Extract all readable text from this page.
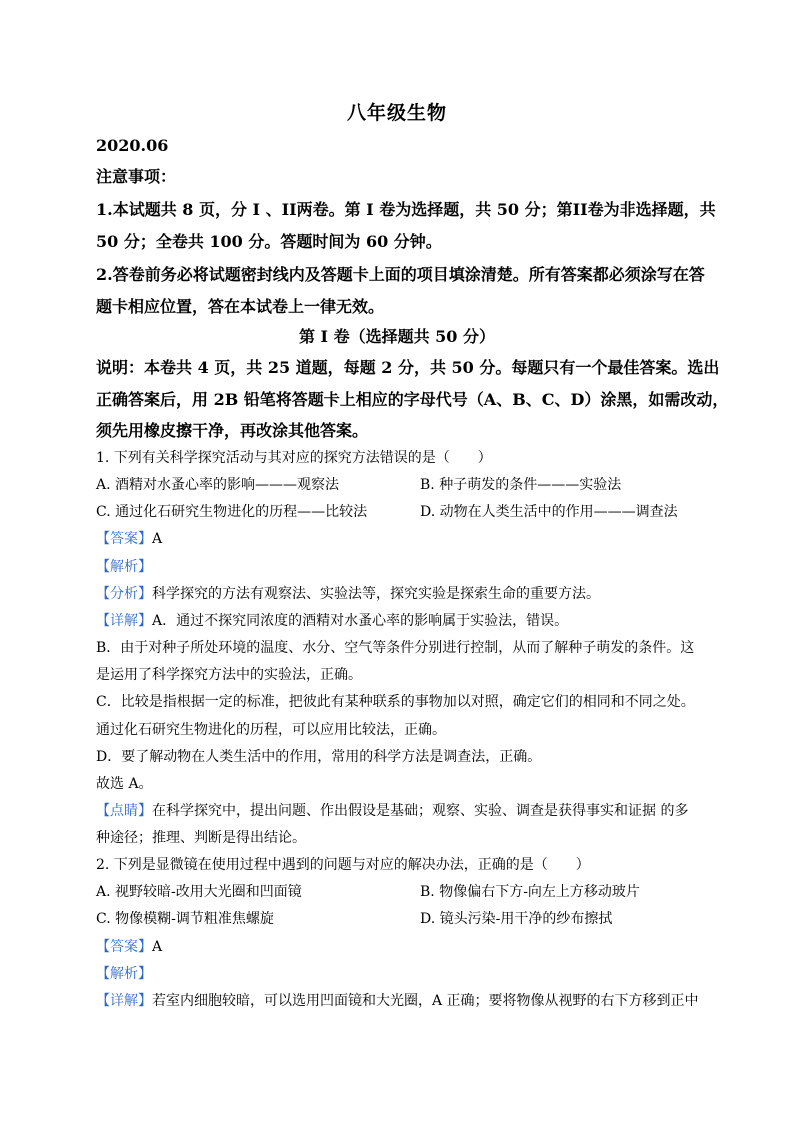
八年级生物
2020.06
注意事项：
1.本试题共 8 页，分 I 、II两卷。第 I 卷为选择题，共 50 分；第II卷为非选择题，共
50 分；全卷共 100 分。答题时间为 60 分钟。
2.答卷前务必将试题密封线内及答题卡上面的项目填涂清楚。所有答案都必须涂写在答
题卡相应位置，答在本试卷上一律无效。
第 I 卷（选择题共 50 分）
说明：本卷共 4 页，共 25 道题，每题 2 分，共 50 分。每题只有一个最佳答案。选出
正确答案后，用 2B 铅笔将答题卡上相应的字母代号（A、B、C、D）涂黑，如需改动，
须先用橡皮擦干净，再改涂其他答案。
1. 下列有关科学探究活动与其对应的探究方法错误的是（　　）
A. 酒精对水蚤心率的影响———观察法	B. 种子萌发的条件———实验法
C. 通过化石研究生物进化的历程——比较法	D. 动物在人类生活中的作用———调查法
【答案】A
【解析】
【分析】科学探究的方法有观察法、实验法等，探究实验是探索生命的重要方法。
【详解】A．通过不探究同浓度的酒精对水蚤心率的影响属于实验法，错误。
B．由于对种子所处环境的温度、水分、空气等条件分别进行控制，从而了解种子萌发的条件。这
是运用了科学探究方法中的实验法，正确。
C．比较是指根据一定的标准，把彼此有某种联系的事物加以对照，确定它们的相同和不同之处。
通过化石研究生物进化的历程，可以应用比较法，正确。
D．要了解动物在人类生活中的作用，常用的科学方法是调查法，正确。
故选 A。
【点睛】在科学探究中，提出问题、作出假设是基础；观察、实验、调查是获得事实和证据 的多
种途径；推理、判断是得出结论。
2. 下列是显微镜在使用过程中遇到的问题与对应的解决办法，正确的是（　　）
A. 视野较暗-改用大光圈和凹面镜	B. 物像偏右下方-向左上方移动玻片
C. 物像模糊-调节粗准焦螺旋	D. 镜头污染-用干净的纱布擦拭
【答案】A
【解析】
【详解】若室内细胞较暗，可以选用凹面镜和大光圈，A 正确；要将物像从视野的右下方移到正中
